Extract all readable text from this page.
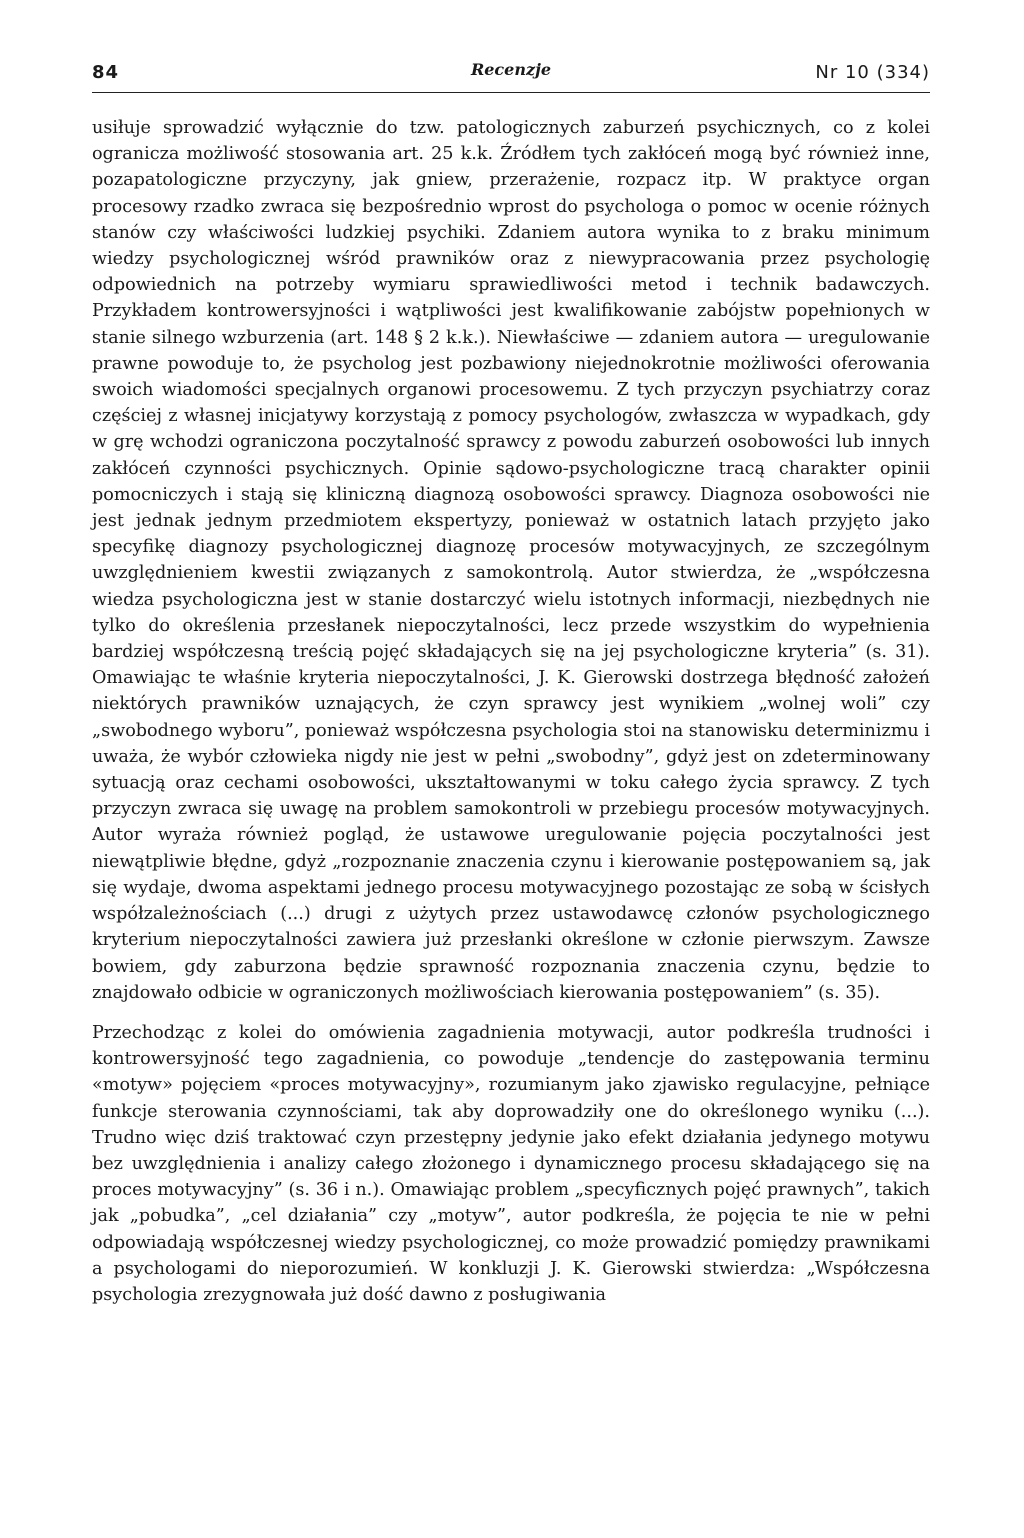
84	Recenzje	Nr 10 (334)

usiłuje sprowadzić wyłącznie do tzw. patologicznych zaburzeń psychicznych, co z kolei ogranicza możliwość stosowania art. 25 k.k. Źródłem tych zakłóceń mogą być również inne, pozapatologiczne przyczyny, jak gniew, przerażenie, rozpacz itp. W praktyce organ procesowy rzadko zwraca się bezpośrednio wprost do psychologa o pomoc w ocenie różnych stanów czy właściwości ludzkiej psychiki. Zdaniem autora wynika to z braku minimum wiedzy psychologicznej wśród prawników oraz z niewypracowania przez psychologię odpowiednich na potrzeby wymiaru sprawiedliwości metod i technik badawczych. Przykładem kontrowersyjności i wątpliwości jest kwalifikowanie zabójstw popełnionych w stanie silnego wzburzenia (art. 148 § 2 k.k.). Niewłaściwe — zdaniem autora — uregulowanie prawne powoduje to, że psycholog jest pozbawiony niejednokrotnie możliwości oferowania swoich wiadomości specjalnych organowi procesowemu. Z tych przyczyn psychiatrzy coraz częściej z własnej inicjatywy korzystają z pomocy psychologów, zwłaszcza w wypadkach, gdy w grę wchodzi ograniczona poczytalność sprawcy z powodu zaburzeń osobowości lub innych zakłóceń czynności psychicznych. Opinie sądowo-psychologiczne tracą charakter opinii pomocniczych i stają się kliniczną diagnozą osobowości sprawcy. Diagnoza osobowości nie jest jednak jednym przedmiotem ekspertyzy, ponieważ w ostatnich latach przyjęto jako specyfikę diagnozy psychologicznej diagnozę procesów motywacyjnych, ze szczególnym uwzględnieniem kwestii związanych z samokontrolą. Autor stwierdza, że „współczesna wiedza psychologiczna jest w stanie dostarczyć wielu istotnych informacji, niezbędnych nie tylko do określenia przesłanek niepoczytalności, lecz przede wszystkim do wypełnienia bardziej współczesną treścią pojęć składających się na jej psychologiczne kryteria” (s. 31). Omawiając te właśnie kryteria niepoczytalności, J. K. Gierowski dostrzega błędność założeń niektórych prawników uznających, że czyn sprawcy jest wynikiem „wolnej woli” czy „swobodnego wyboru”, ponieważ współczesna psychologia stoi na stanowisku determinizmu i uważa, że wybór człowieka nigdy nie jest w pełni „swobodny”, gdyż jest on zdeterminowany sytuacją oraz cechami osobowości, ukształtowanymi w toku całego życia sprawcy. Z tych przyczyn zwraca się uwagę na problem samokontroli w przebiegu procesów motywacyjnych. Autor wyraża również pogląd, że ustawowe uregulowanie pojęcia poczytalności jest niewątpliwie błędne, gdyż „rozpoznanie znaczenia czynu i kierowanie postępowaniem są, jak się wydaje, dwoma aspektami jednego procesu motywacyjnego pozostając ze sobą w ścisłych współzależnościach (...) drugi z użytych przez ustawodawcę członów psychologicznego kryterium niepoczytalności zawiera już przesłanki określone w członie pierwszym. Zawsze bowiem, gdy zaburzona będzie sprawność rozpoznania znaczenia czynu, będzie to znajdowało odbicie w ograniczonych możliwościach kierowania postępowaniem” (s. 35).

Przechodząc z kolei do omówienia zagadnienia motywacji, autor podkreśla trudności i kontrowersyjność tego zagadnienia, co powoduje „tendencje do zastępowania terminu «motyw» pojęciem «proces motywacyjny», rozumianym jako zjawisko regulacyjne, pełniące funkcje sterowania czynnościami, tak aby doprowadziły one do określonego wyniku (...). Trudno więc dziś traktować czyn przestępny jedynie jako efekt działania jedynego motywu bez uwzględnienia i analizy całego złożonego i dynamicznego procesu składającego się na proces motywacyjny” (s. 36 i n.). Omawiając problem „specyficznych pojęć prawnych”, takich jak „pobudka”, „cel działania” czy „motyw”, autor podkreśla, że pojęcia te nie w pełni odpowiadają współczesnej wiedzy psychologicznej, co może prowadzić pomiędzy prawnikami a psychologami do nieporozumień. W konkluzji J. K. Gierowski stwierdza: „Współczesna psychologia zrezygnowała już dość dawno z posługiwania
